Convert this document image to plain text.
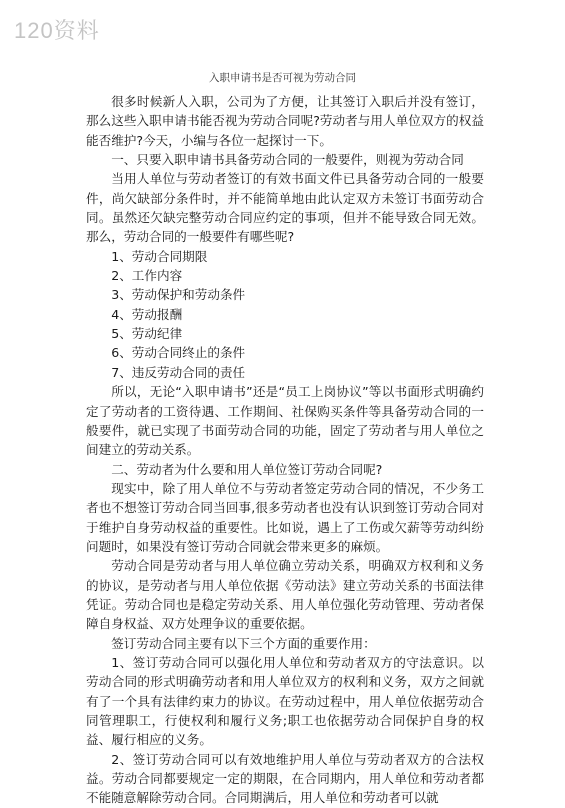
120资料
入职申请书是否可视为劳动合同

很多时候新人入职，公司为了方便，让其签订入职后并没有签订，那么这些入职申请书能否视为劳动合同呢?劳动者与用人单位双方的权益能否维护?今天，小编与各位一起探讨一下。

一、只要入职申请书具备劳动合同的一般要件，则视为劳动合同

当用人单位与劳动者签订的有效书面文件已具备劳动合同的一般要件，尚欠缺部分条件时，并不能简单地由此认定双方未签订书面劳动合同。虽然还欠缺完整劳动合同应约定的事项，但并不能导致合同无效。那么，劳动合同的一般要件有哪些呢?

1、劳动合同期限

2、工作内容

3、劳动保护和劳动条件

4、劳动报酬

5、劳动纪律

6、劳动合同终止的条件

7、违反劳动合同的责任

所以，无论“入职申请书”还是“员工上岗协议”等以书面形式明确约定了劳动者的工资待遇、工作期间、社保购买条件等具备劳动合同的一般要件，就已实现了书面劳动合同的功能，固定了劳动者与用人单位之间建立的劳动关系。

二、劳动者为什么要和用人单位签订劳动合同呢?

现实中，除了用人单位不与劳动者签定劳动合同的情况，不少务工者也不想签订劳动合同当回事,很多劳动者也没有认识到签订劳动合同对于维护自身劳动权益的重要性。比如说，遇上了工伤或欠薪等劳动纠纷问题时，如果没有签订劳动合同就会带来更多的麻烦。

劳动合同是劳动者与用人单位确立劳动关系，明确双方权利和义务的协议，是劳动者与用人单位依据《劳动法》建立劳动关系的书面法律凭证。劳动合同也是稳定劳动关系、用人单位强化劳动管理、劳动者保障自身权益、双方处理争议的重要依据。

签订劳动合同主要有以下三个方面的重要作用：

1、签订劳动合同可以强化用人单位和劳动者双方的守法意识。以劳动合同的形式明确劳动者和用人单位双方的权利和义务，双方之间就有了一个具有法律约束力的协议。在劳动过程中，用人单位依据劳动合同管理职工，行使权利和履行义务;职工也依据劳动合同保护自身的权益、履行相应的义务。

2、签订劳动合同可以有效地维护用人单位与劳动者双方的合法权益。劳动合同都要规定一定的期限，在合同期内，用人单位和劳动者都不能随意解除劳动合同。合同期满后，用人单位和劳动者可以就
